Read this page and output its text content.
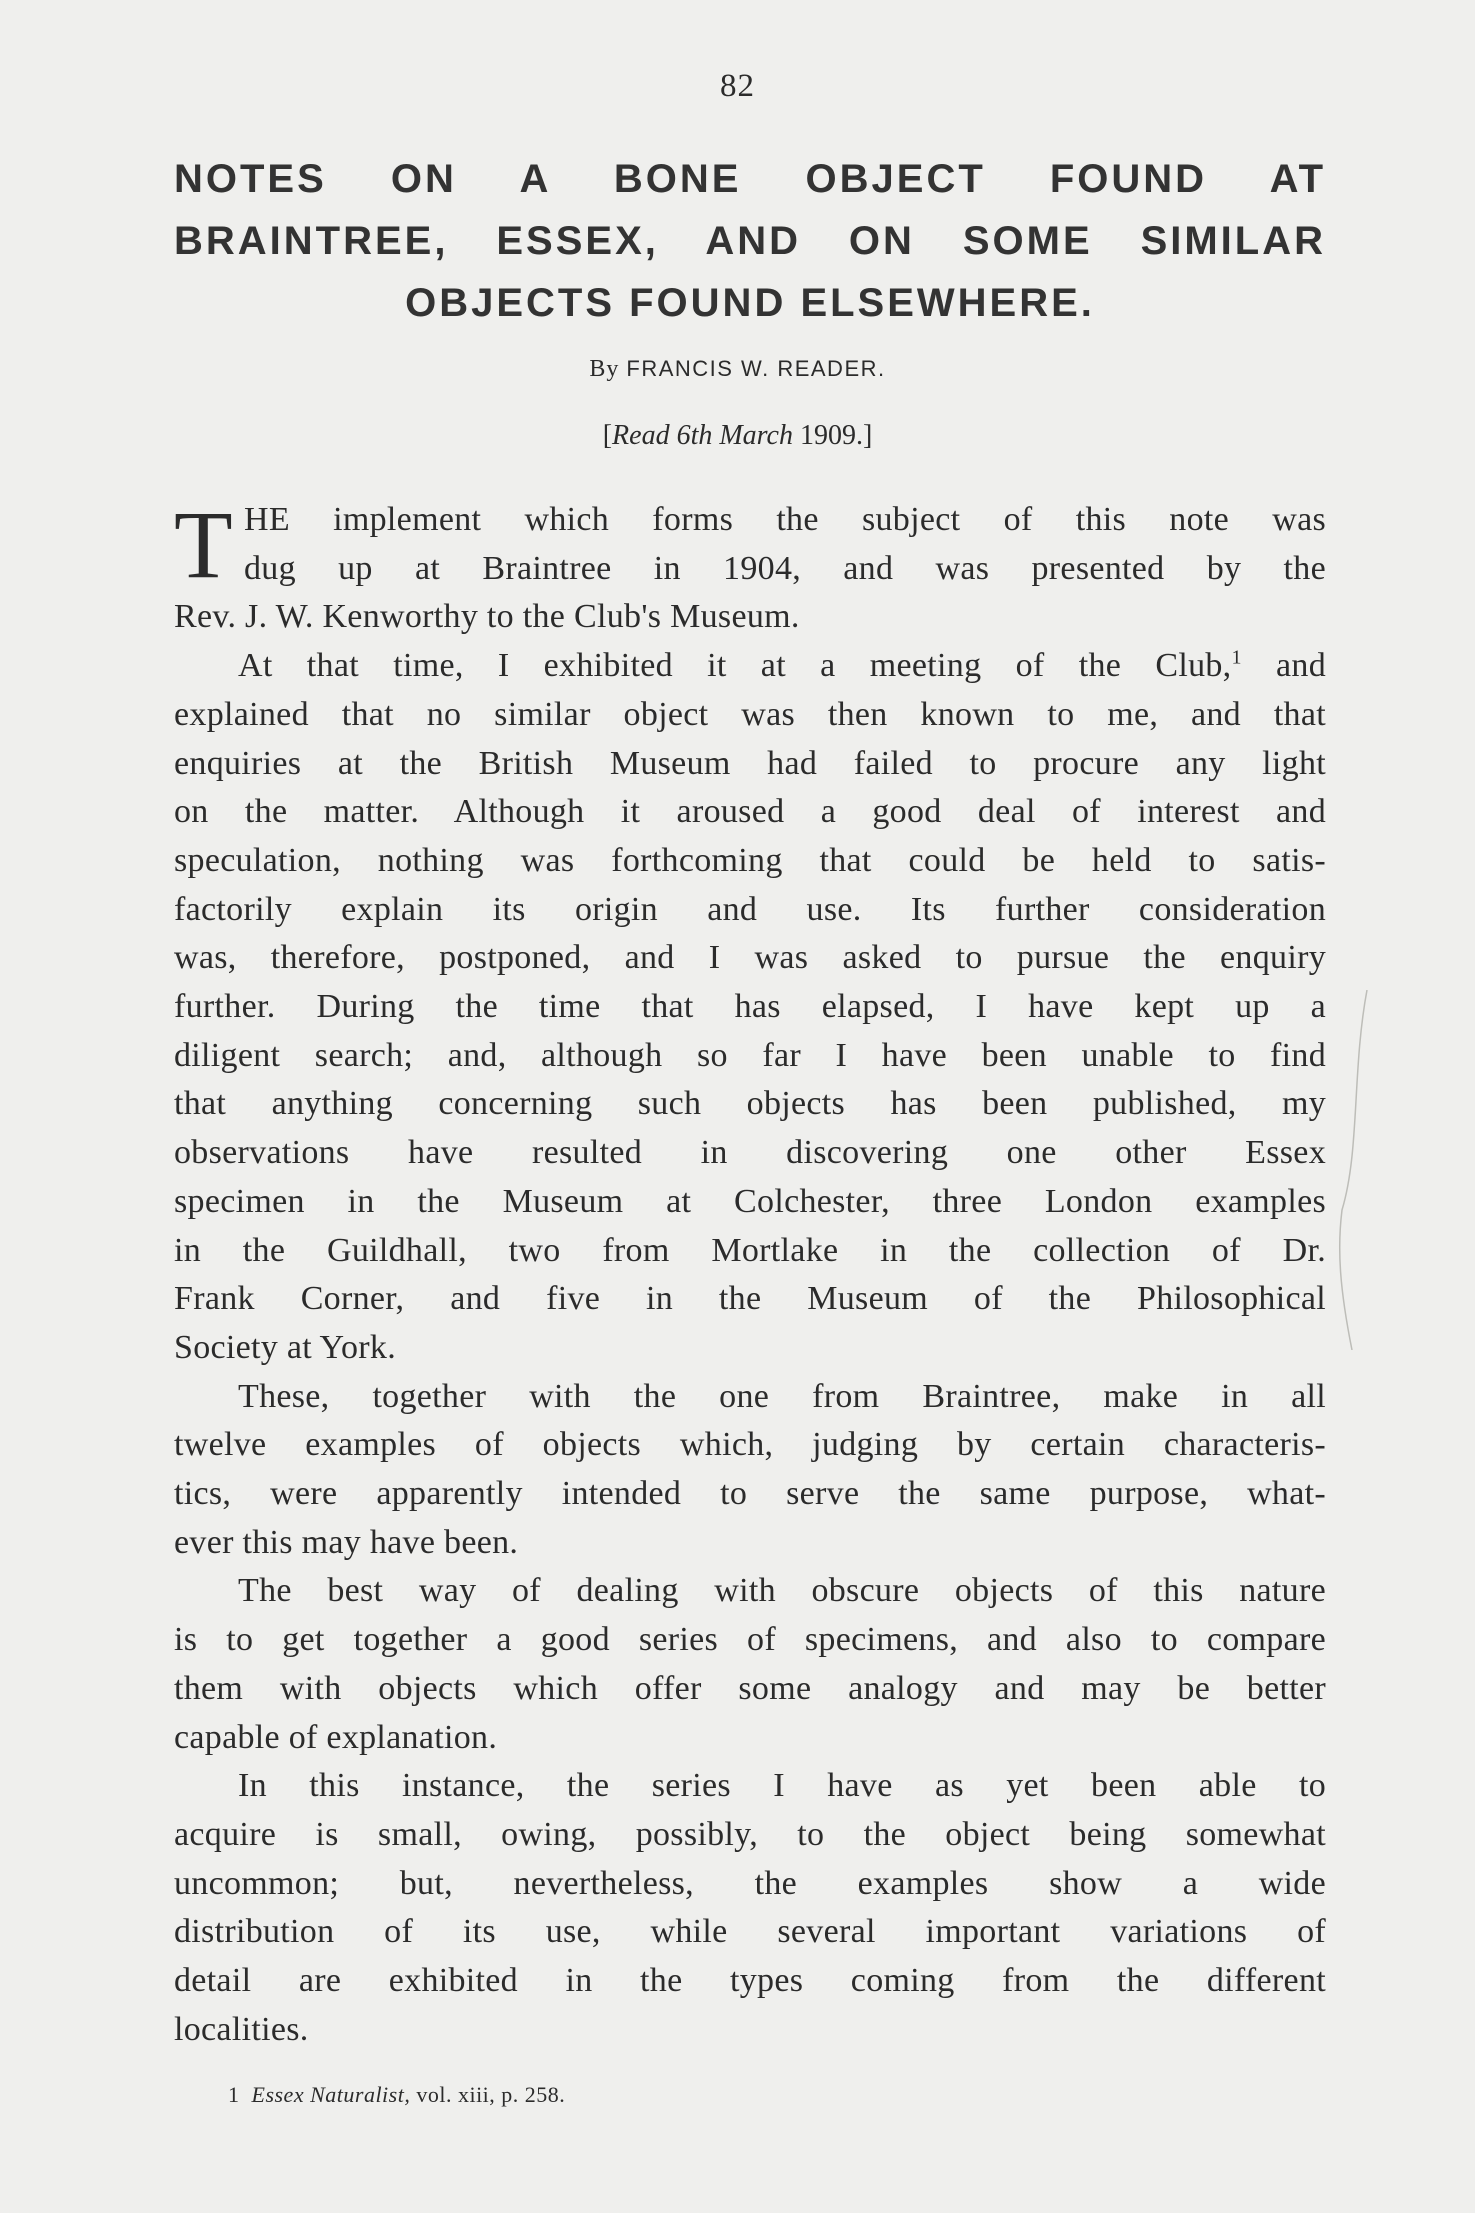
82
NOTES ON A BONE OBJECT FOUND AT
BRAINTREE, ESSEX, AND ON SOME SIMILAR
OBJECTS FOUND ELSEWHERE.
By FRANCIS W. READER.
[Read 6th March 1909.]
T HE implement which forms the subject of this note was
dug up at Braintree in 1904, and was presented by the
Rev. J. W. Kenworthy to the Club's Museum.
At that time, I exhibited it at a meeting of the Club,$^1$ and
explained that no similar object was then known to me, and that
enquiries at the British Museum had failed to procure any light
on the matter. Although it aroused a good deal of interest and
speculation, nothing was forthcoming that could be held to satis-
factorily explain its origin and use. Its further consideration
was, therefore, postponed, and I was asked to pursue the enquiry
further. During the time that has elapsed, I have kept up a
diligent search; and, although so far I have been unable to find
that anything concerning such objects has been published, my
observations have resulted in discovering one other Essex
specimen in the Museum at Colchester, three London examples
in the Guildhall, two from Mortlake in the collection of Dr.
Frank Corner, and five in the Museum of the Philosophical
Society at York.
These, together with the one from Braintree, make in all
twelve examples of objects which, judging by certain characteris-
tics, were apparently intended to serve the same purpose, what-
ever this may have been.
The best way of dealing with obscure objects of this nature
is to get together a good series of specimens, and also to compare
them with objects which offer some analogy and may be better
capable of explanation.
In this instance, the series I have as yet been able to
acquire is small, owing, possibly, to the object being somewhat
uncommon; but, nevertheless, the examples show a wide
distribution of its use, while several important variations of
detail are exhibited in the types coming from the different
localities.
1 Essex Naturalist, vol. xiii, p. 258.
